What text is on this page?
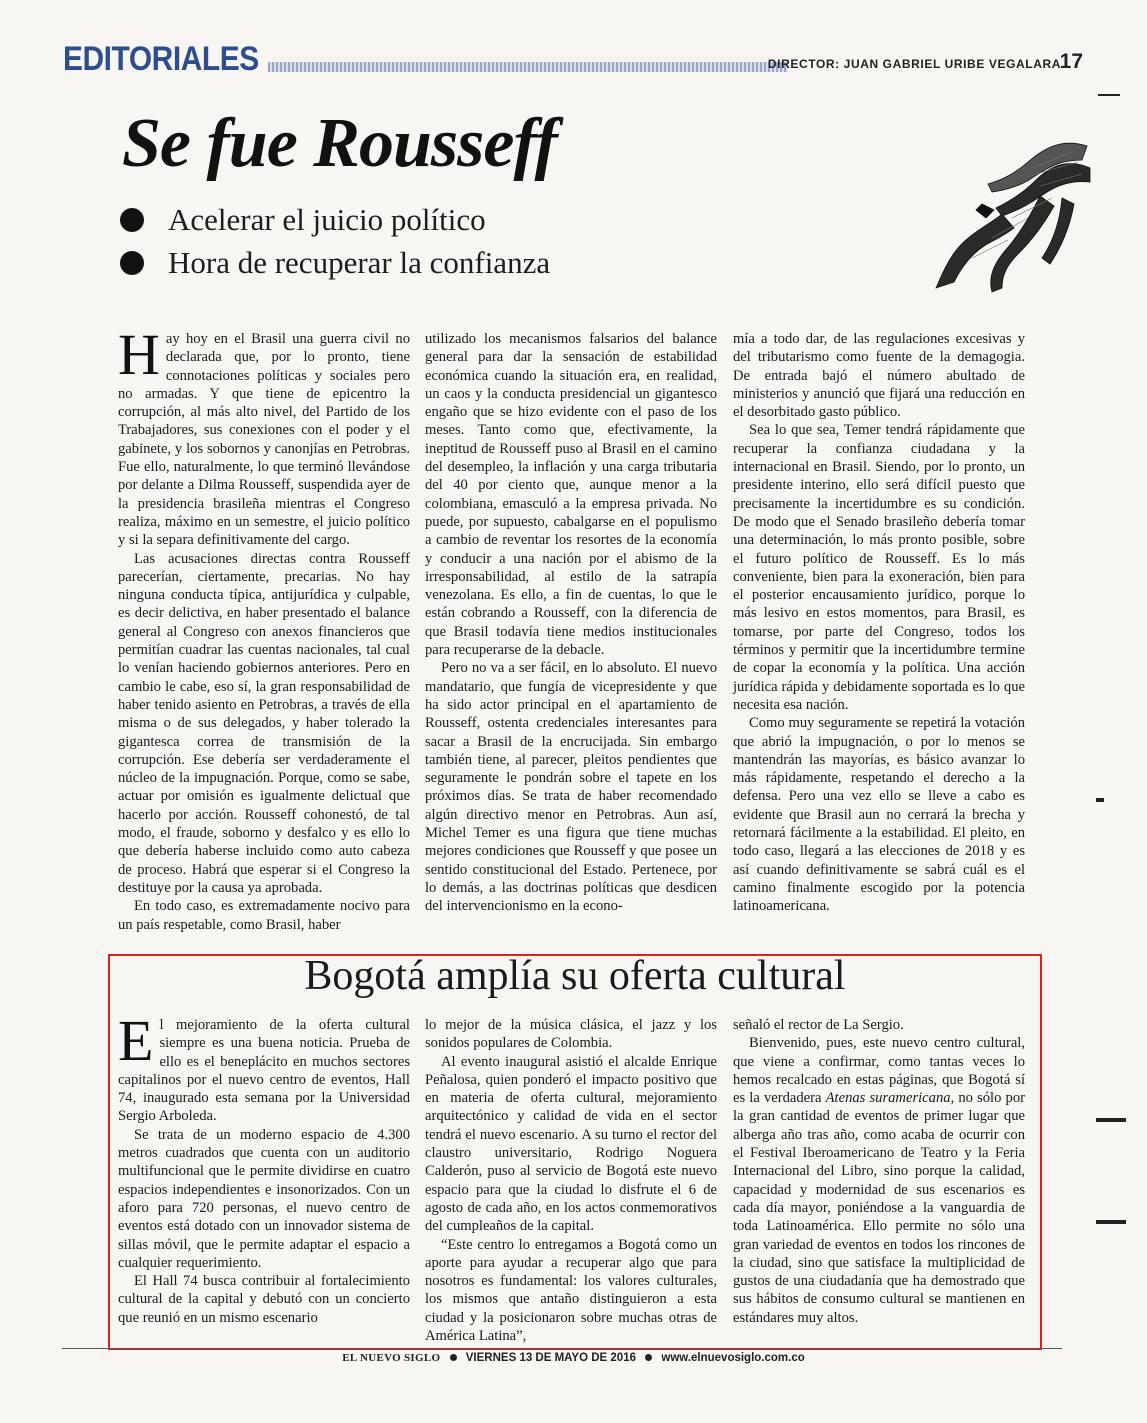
EDITORIALES	DIRECTOR: JUAN GABRIEL URIBE VEGALARA
17
Se fue Rousseff
Acelerar el juicio político
Hora de recuperar la confianza

Hay hoy en el Brasil una guerra civil no declarada que, por lo pronto, tiene connotaciones políticas y sociales pero no armadas. Y que tiene de epicentro la corrupción, al más alto nivel, del Partido de los Trabajadores, sus conexiones con el poder y el gabinete, y los sobornos y canonjías en Petrobras. Fue ello, naturalmente, lo que terminó llevándose por delante a Dilma Rousseff, suspendida ayer de la presidencia brasileña mientras el Congreso realiza, máximo en un semestre, el juicio político y si la separa definitivamente del cargo.

Las acusaciones directas contra Rousseff parecerían, ciertamente, precarias. No hay ninguna conducta típica, antijurídica y culpable, es decir delictiva, en haber presentado el balance general al Congreso con anexos financieros que permitían cuadrar las cuentas nacionales, tal cual lo venían haciendo gobiernos anteriores. Pero en cambio le cabe, eso sí, la gran responsabilidad de haber tenido asiento en Petrobras, a través de ella misma o de sus delegados, y haber tolerado la gigantesca correa de transmisión de la corrupción. Ese debería ser verdaderamente el núcleo de la impugnación. Porque, como se sabe, actuar por omisión es igualmente delictual que hacerlo por acción. Rousseff cohonestó, de tal modo, el fraude, soborno y desfalco y es ello lo que debería haberse incluido como auto cabeza de proceso. Habrá que esperar si el Congreso la destituye por la causa ya aprobada.

En todo caso, es extremadamente nocivo para un país respetable, como Brasil, haber

utilizado los mecanismos falsarios del balance general para dar la sensación de estabilidad económica cuando la situación era, en realidad, un caos y la conducta presidencial un gigantesco engaño que se hizo evidente con el paso de los meses. Tanto como que, efectivamente, la ineptitud de Rousseff puso al Brasil en el camino del desempleo, la inflación y una carga tributaria del 40 por ciento que, aunque menor a la colombiana, emasculó a la empresa privada. No puede, por supuesto, cabalgarse en el populismo a cambio de reventar los resortes de la economía y conducir a una nación por el abismo de la irresponsabilidad, al estilo de la satrapía venezolana. Es ello, a fin de cuentas, lo que le están cobrando a Rousseff, con la diferencia de que Brasil todavía tiene medios institucionales para recuperarse de la debacle.

Pero no va a ser fácil, en lo absoluto. El nuevo mandatario, que fungía de vicepresidente y que ha sido actor principal en el apartamiento de Rousseff, ostenta credenciales interesantes para sacar a Brasil de la encrucijada. Sin embargo también tiene, al parecer, pleitos pendientes que seguramente le pondrán sobre el tapete en los próximos días. Se trata de haber recomendado algún directivo menor en Petrobras. Aun así, Michel Temer es una figura que tiene muchas mejores condiciones que Rousseff y que posee un sentido constitucional del Estado. Pertenece, por lo demás, a las doctrinas políticas que desdicen del intervencionismo en la econo-

mía a todo dar, de las regulaciones excesivas y del tributarismo como fuente de la demagogia. De entrada bajó el número abultado de ministerios y anunció que fijará una reducción en el desorbitado gasto público.

Sea lo que sea, Temer tendrá rápidamente que recuperar la confianza ciudadana y la internacional en Brasil. Siendo, por lo pronto, un presidente interino, ello será difícil puesto que precisamente la incertidumbre es su condición. De modo que el Senado brasileño debería tomar una determinación, lo más pronto posible, sobre el futuro político de Rousseff. Es lo más conveniente, bien para la exoneración, bien para el posterior encausamiento jurídico, porque lo más lesivo en estos momentos, para Brasil, es tomarse, por parte del Congreso, todos los términos y permitir que la incertidumbre termine de copar la economía y la política. Una acción jurídica rápida y debidamente soportada es lo que necesita esa nación.

Como muy seguramente se repetirá la votación que abrió la impugnación, o por lo menos se mantendrán las mayorías, es básico avanzar lo más rápidamente, respetando el derecho a la defensa. Pero una vez ello se lleve a cabo es evidente que Brasil aun no cerrará la brecha y retornará fácilmente a la estabilidad. El pleito, en todo caso, llegará a las elecciones de 2018 y es así cuando definitivamente se sabrá cuál es el camino finalmente escogido por la potencia latinoamericana.

Bogotá amplía su oferta cultural

El mejoramiento de la oferta cultural siempre es una buena noticia. Prueba de ello es el beneplácito en muchos sectores capitalinos por el nuevo centro de eventos, Hall 74, inaugurado esta semana por la Universidad Sergio Arboleda.

Se trata de un moderno espacio de 4.300 metros cuadrados que cuenta con un auditorio multifuncional que le permite dividirse en cuatro espacios independientes e insonorizados. Con un aforo para 720 personas, el nuevo centro de eventos está dotado con un innovador sistema de sillas móvil, que le permite adaptar el espacio a cualquier requerimiento.

El Hall 74 busca contribuir al fortalecimiento cultural de la capital y debutó con un concierto que reunió en un mismo escenario

lo mejor de la música clásica, el jazz y los sonidos populares de Colombia.

Al evento inaugural asistió el alcalde Enrique Peñalosa, quien ponderó el impacto positivo que en materia de oferta cultural, mejoramiento arquitectónico y calidad de vida en el sector tendrá el nuevo escenario. A su turno el rector del claustro universitario, Rodrigo Noguera Calderón, puso al servicio de Bogotá este nuevo espacio para que la ciudad lo disfrute el 6 de agosto de cada año, en los actos conmemorativos del cumpleaños de la capital.

“Este centro lo entregamos a Bogotá como un aporte para ayudar a recuperar algo que para nosotros es fundamental: los valores culturales, los mismos que antaño distinguieron a esta ciudad y la posicionaron sobre muchas otras de América Latina”,

señaló el rector de La Sergio.

Bienvenido, pues, este nuevo centro cultural, que viene a confirmar, como tantas veces lo hemos recalcado en estas páginas, que Bogotá sí es la verdadera Atenas suramericana, no sólo por la gran cantidad de eventos de primer lugar que alberga año tras año, como acaba de ocurrir con el Festival Iberoamericano de Teatro y la Feria Internacional del Libro, sino porque la calidad, capacidad y modernidad de sus escenarios es cada día mayor, poniéndose a la vanguardia de toda Latinoamérica. Ello permite no sólo una gran variedad de eventos en todos los rincones de la ciudad, sino que satisface la multiplicidad de gustos de una ciudadanía que ha demostrado que sus hábitos de consumo cultural se mantienen en estándares muy altos.

EL NUEVO SIGLO VIERNES 13 DE MAYO DE 2016 www.elnuevosiglo.com.co
